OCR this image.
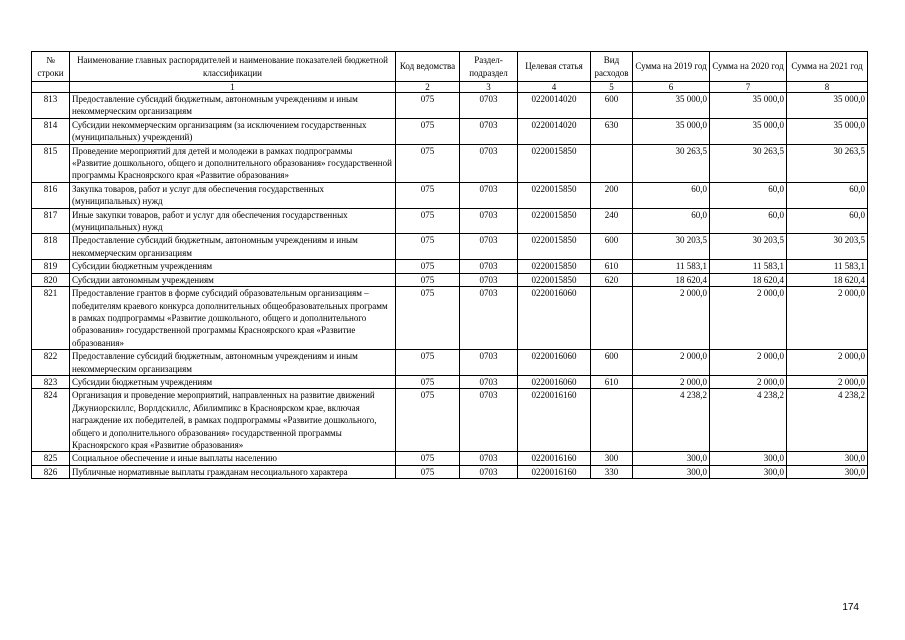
№ строки	Наименование главных распорядителей и наименование показателей бюджетной классификации	Код ведомства	Раздел-подраздел	Целевая статья	Вид расходов	Сумма на 2019 год	Сумма на 2020 год	Сумма на 2021 год
	1	2	3	4	5	6	7	8
813	Предоставление субсидий бюджетным, автономным учреждениям и иным некоммерческим организациям	075	0703	0220014020	600	35 000,0	35 000,0	35 000,0
814	Субсидии некоммерческим организациям (за исключением государственных (муниципальных) учреждений)	075	0703	0220014020	630	35 000,0	35 000,0	35 000,0
815	Проведение мероприятий для детей и молодежи в рамках подпрограммы «Развитие дошкольного, общего и дополнительного образования» государственной программы Красноярского края «Развитие образования»	075	0703	0220015850		30 263,5	30 263,5	30 263,5
816	Закупка товаров, работ и услуг для обеспечения государственных (муниципальных) нужд	075	0703	0220015850	200	60,0	60,0	60,0
817	Иные закупки товаров, работ и услуг для обеспечения государственных (муниципальных) нужд	075	0703	0220015850	240	60,0	60,0	60,0
818	Предоставление субсидий бюджетным, автономным учреждениям и иным некоммерческим организациям	075	0703	0220015850	600	30 203,5	30 203,5	30 203,5
819	Субсидии бюджетным учреждениям	075	0703	0220015850	610	11 583,1	11 583,1	11 583,1
820	Субсидии автономным учреждениям	075	0703	0220015850	620	18 620,4	18 620,4	18 620,4
821	Предоставление грантов в форме субсидий образовательным организациям – победителям краевого конкурса дополнительных общеобразовательных программ в рамках подпрограммы «Развитие дошкольного, общего и дополнительного образования» государственной программы Красноярского края «Развитие образования»	075	0703	0220016060		2 000,0	2 000,0	2 000,0
822	Предоставление субсидий бюджетным, автономным учреждениям и иным некоммерческим организациям	075	0703	0220016060	600	2 000,0	2 000,0	2 000,0
823	Субсидии бюджетным учреждениям	075	0703	0220016060	610	2 000,0	2 000,0	2 000,0
824	Организация и проведение мероприятий, направленных на развитие движений Джуниорскиллс, Ворлдскиллс, Абилимпикс в Красноярском крае, включая награждение их победителей, в рамках подпрограммы «Развитие дошкольного, общего и дополнительного образования» государственной программы Красноярского края «Развитие образования»	075	0703	0220016160		4 238,2	4 238,2	4 238,2
825	Социальное обеспечение и иные выплаты населению	075	0703	0220016160	300	300,0	300,0	300,0
826	Публичные нормативные выплаты гражданам несоциального характера	075	0703	0220016160	330	300,0	300,0	300,0
174
